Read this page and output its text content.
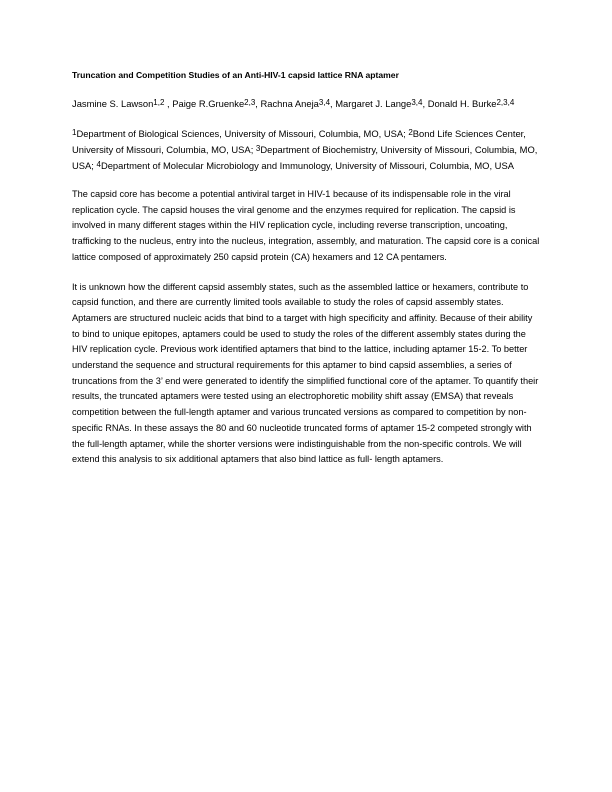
Truncation and Competition Studies of an Anti-HIV-1 capsid lattice RNA aptamer
Jasmine S. Lawson$^{1,2}$ , Paige R.Gruenke$^{2,3}$, Rachna Aneja$^{3,4}$, Margaret J. Lange$^{3,4}$, Donald H. Burke$^{2,3,4}$
$^1$Department of Biological Sciences, University of Missouri, Columbia, MO, USA; $^2$Bond Life Sciences Center, University of Missouri, Columbia, MO, USA; $^3$Department of Biochemistry, University of Missouri, Columbia, MO, USA; $^4$Department of Molecular Microbiology and Immunology, University of Missouri, Columbia, MO, USA

The capsid core has become a potential antiviral target in HIV-1 because of its indispensable role in the viral replication cycle. The capsid houses the viral genome and the enzymes required for replication. The capsid is involved in many different stages within the HIV replication cycle, including reverse transcription, uncoating, trafficking to the nucleus, entry into the nucleus, integration, assembly, and maturation. The capsid core is a conical lattice composed of approximately 250 capsid protein (CA) hexamers and 12 CA pentamers.

It is unknown how the different capsid assembly states, such as the assembled lattice or hexamers, contribute to capsid function, and there are currently limited tools available to study the roles of capsid assembly states. Aptamers are structured nucleic acids that bind to a target with high specificity and affinity. Because of their ability to bind to unique epitopes, aptamers could be used to study the roles of the different assembly states during the HIV replication cycle. Previous work identified aptamers that bind to the lattice, including aptamer 15-2. To better understand the sequence and structural requirements for this aptamer to bind capsid assemblies, a series of truncations from the 3’ end were generated to identify the simplified functional core of the aptamer. To quantify their results, the truncated aptamers were tested using an electrophoretic mobility shift assay (EMSA) that reveals competition between the full-length aptamer and various truncated versions as compared to competition by non-specific RNAs. In these assays the 80 and 60 nucleotide truncated forms of aptamer 15-2 competed strongly with the full-length aptamer, while the shorter versions were indistinguishable from the non-specific controls. We will extend this analysis to six additional aptamers that also bind lattice as full- length aptamers.
